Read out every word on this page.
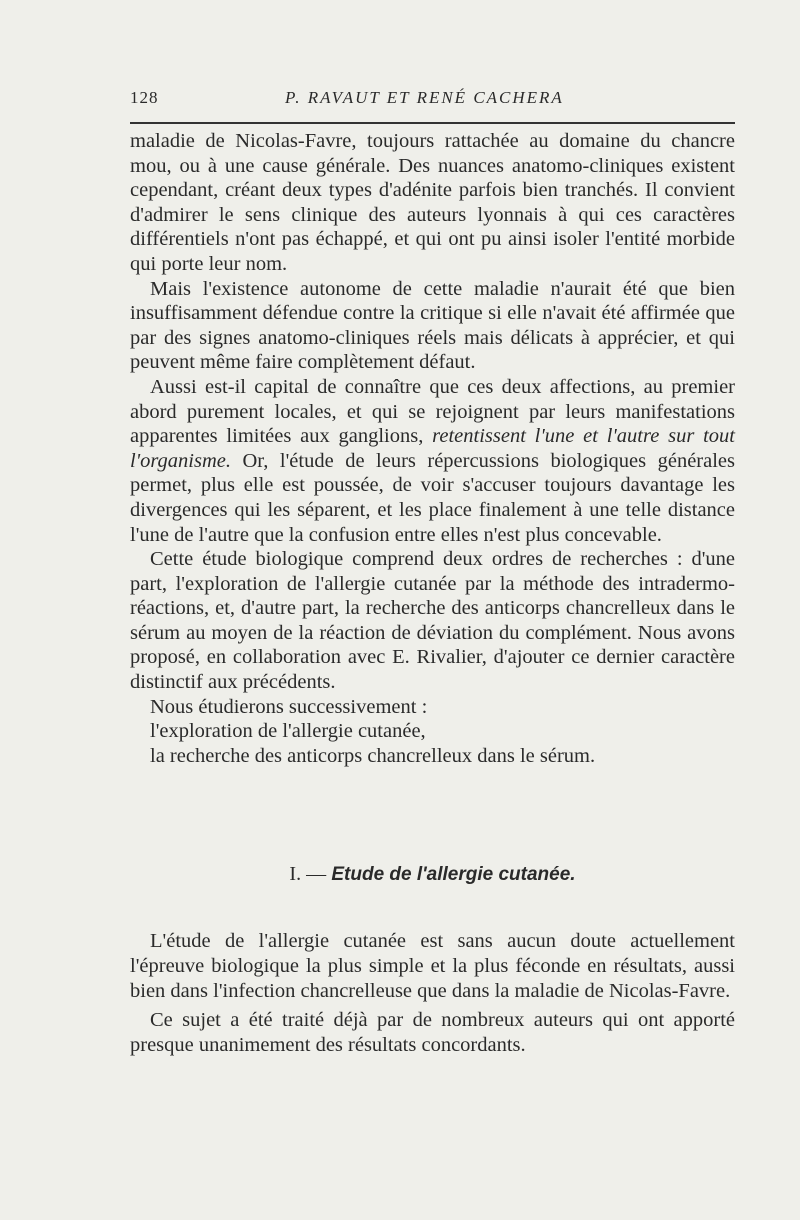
128	P. RAVAUT ET RENÉ CACHERA

maladie de Nicolas-Favre, toujours rattachée au domaine du chancre mou, ou à une cause générale. Des nuances anatomo-cliniques existent cependant, créant deux types d'adénite parfois bien tranchés. Il convient d'admirer le sens clinique des auteurs lyonnais à qui ces caractères différentiels n'ont pas échappé, et qui ont pu ainsi isoler l'entité morbide qui porte leur nom.

Mais l'existence autonome de cette maladie n'aurait été que bien insuffisamment défendue contre la critique si elle n'avait été affirmée que par des signes anatomo-cliniques réels mais délicats à apprécier, et qui peuvent même faire complètement défaut.

Aussi est-il capital de connaître que ces deux affections, au premier abord purement locales, et qui se rejoignent par leurs manifestations apparentes limitées aux ganglions, retentissent l'une et l'autre sur tout l'organisme. Or, l'étude de leurs répercussions biologiques générales permet, plus elle est poussée, de voir s'accuser toujours davantage les divergences qui les séparent, et les place finalement à une telle distance l'une de l'autre que la confusion entre elles n'est plus concevable.

Cette étude biologique comprend deux ordres de recherches : d'une part, l'exploration de l'allergie cutanée par la méthode des intradermo-réactions, et, d'autre part, la recherche des anticorps chancrelleux dans le sérum au moyen de la réaction de déviation du complément. Nous avons proposé, en collaboration avec E. Rivalier, d'ajouter ce dernier caractère distinctif aux précédents.

Nous étudierons successivement :

l'exploration de l'allergie cutanée,

la recherche des anticorps chancrelleux dans le sérum.

I. — Etude de l'allergie cutanée.

L'étude de l'allergie cutanée est sans aucun doute actuellement l'épreuve biologique la plus simple et la plus féconde en résultats, aussi bien dans l'infection chancrelleuse que dans la maladie de Nicolas-Favre.

Ce sujet a été traité déjà par de nombreux auteurs qui ont apporté presque unanimement des résultats concordants.
